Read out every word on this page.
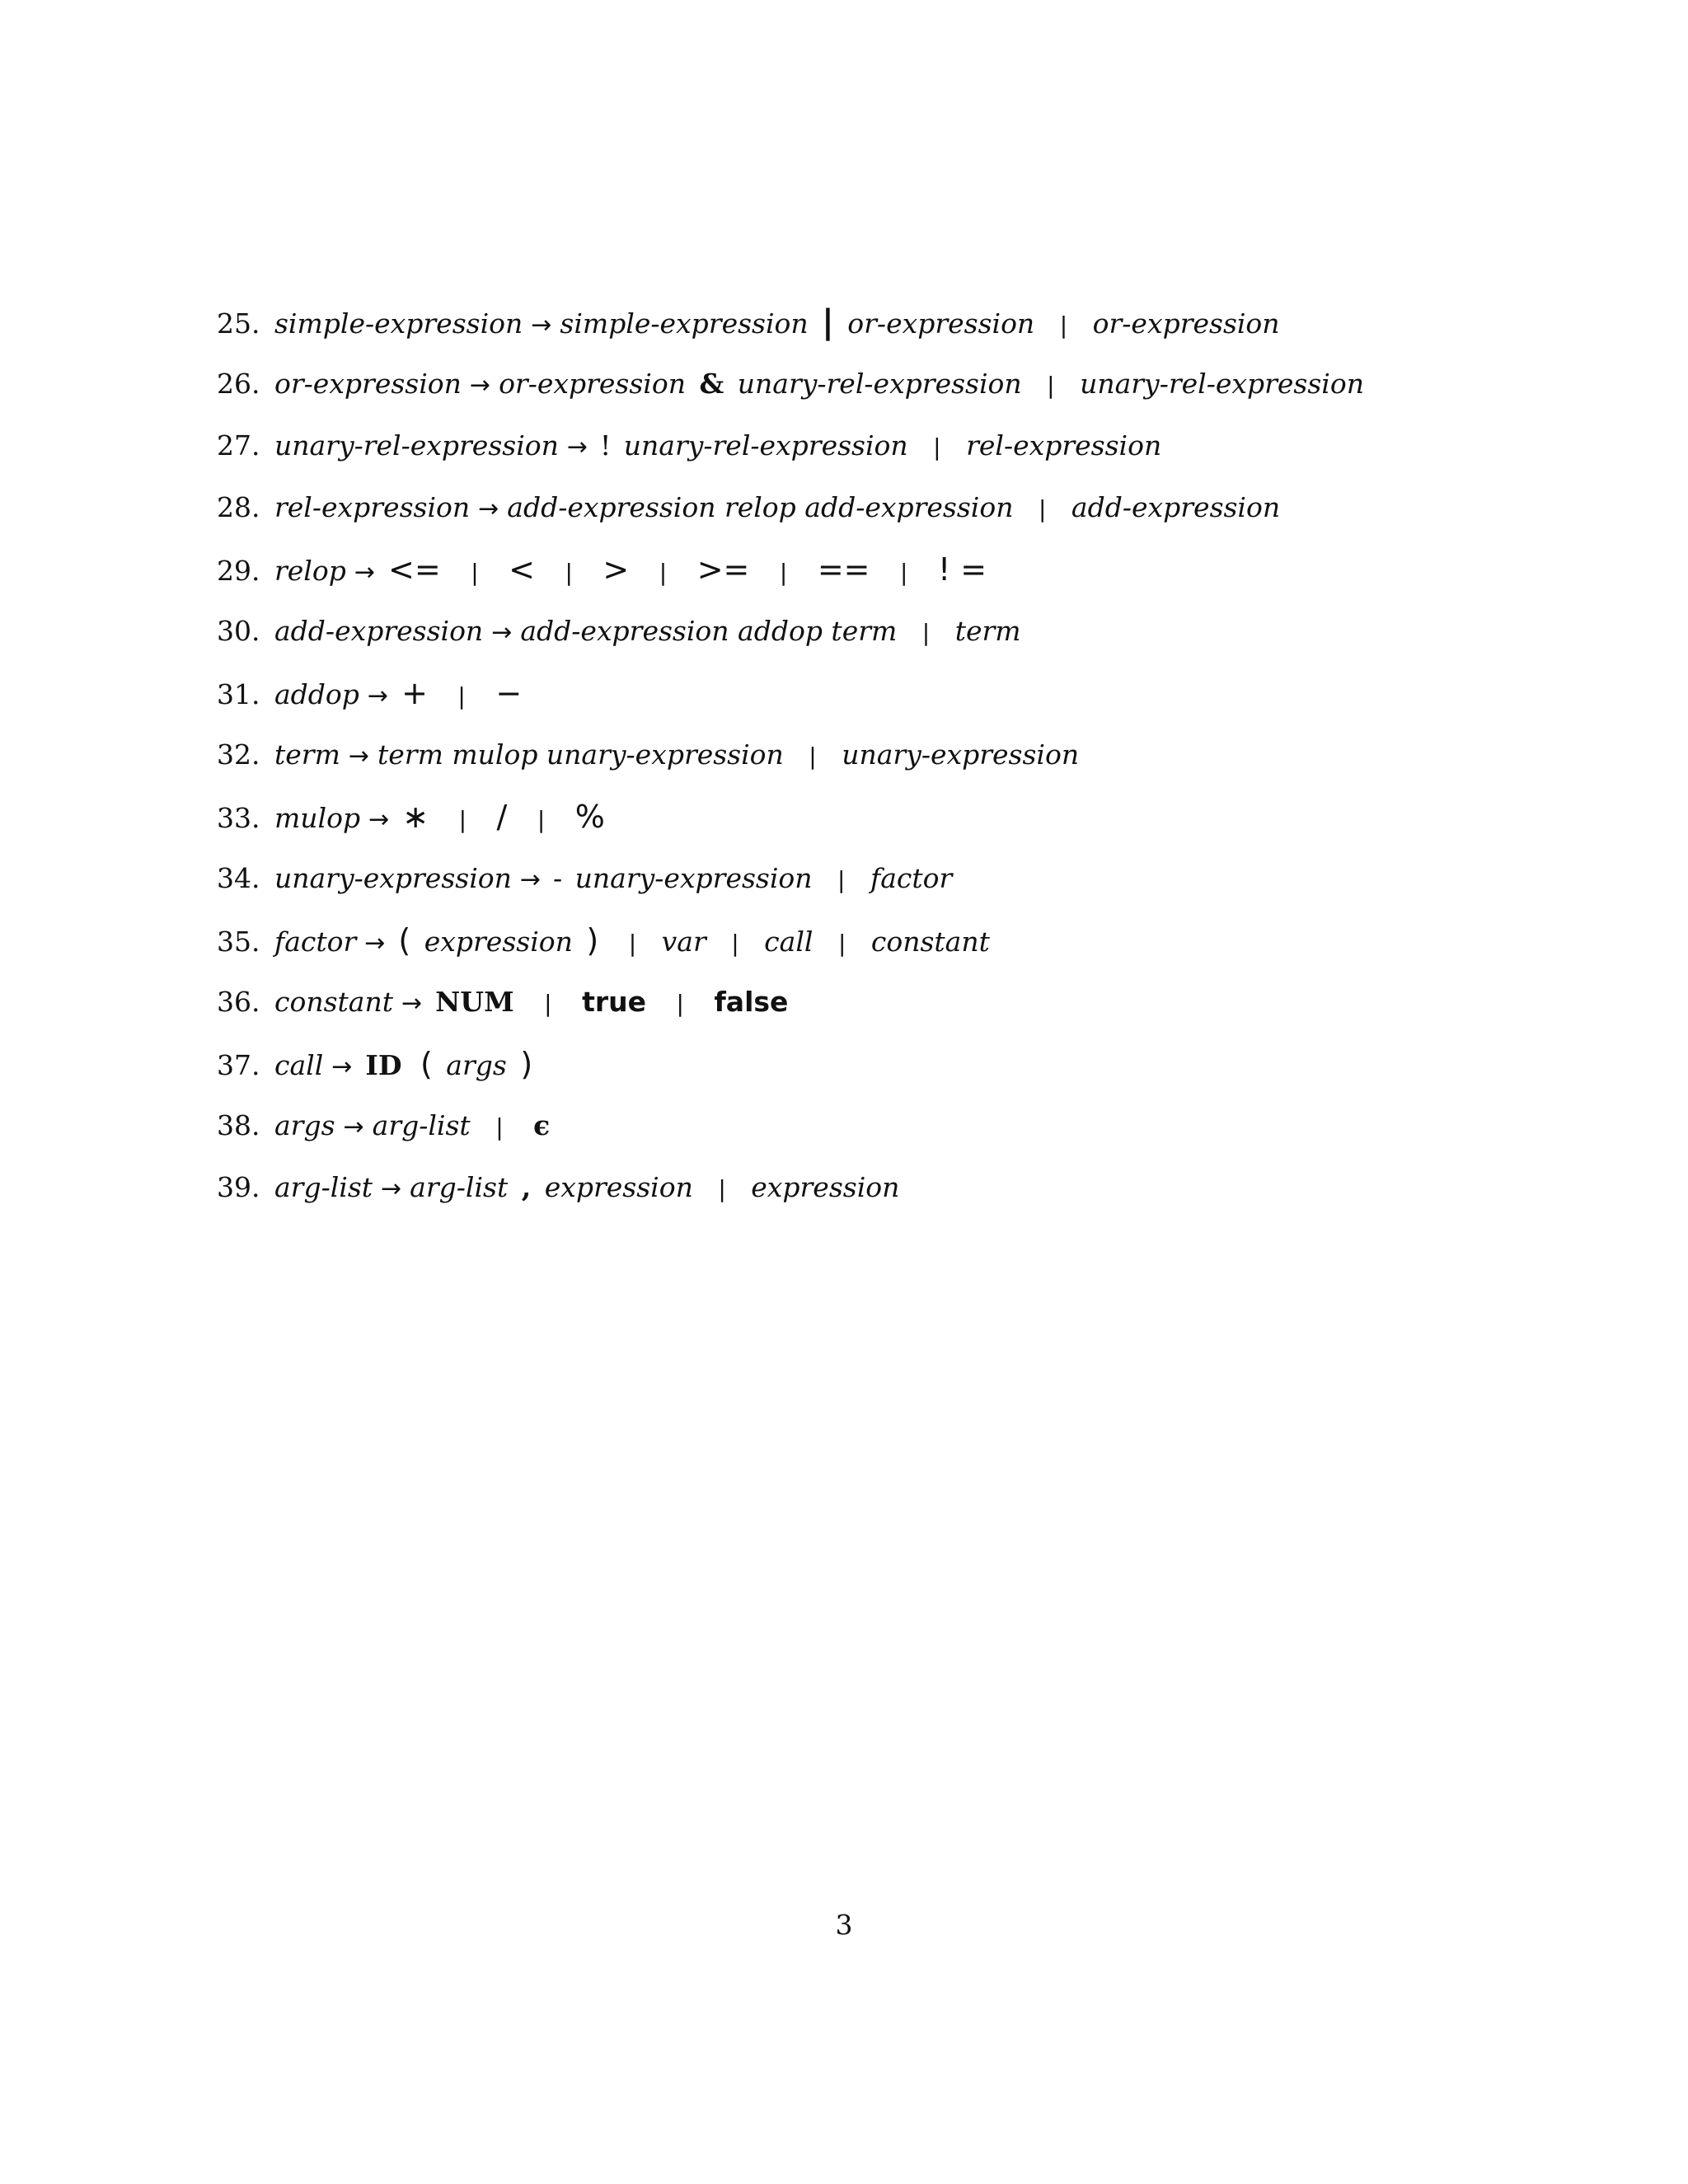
25. simple-expression → simple-expression | or-expression | or-expression
26. or-expression → or-expression & unary-rel-expression | unary-rel-expression
27. unary-rel-expression → ! unary-rel-expression | rel-expression
28. rel-expression → add-expression relop add-expression | add-expression
29. relop → <= | < | > | >= | == | ! =
30. add-expression → add-expression addop term | term
31. addop → + | −
32. term → term mulop unary-expression | unary-expression
33. mulop → ∗ | / | %
34. unary-expression → - unary-expression | factor
35. factor → ( expression ) | var | call | constant
36. constant → NUM | true | false
37. call → ID ( args )
38. args → arg-list | ϵ
39. arg-list → arg-list , expression | expression
3
